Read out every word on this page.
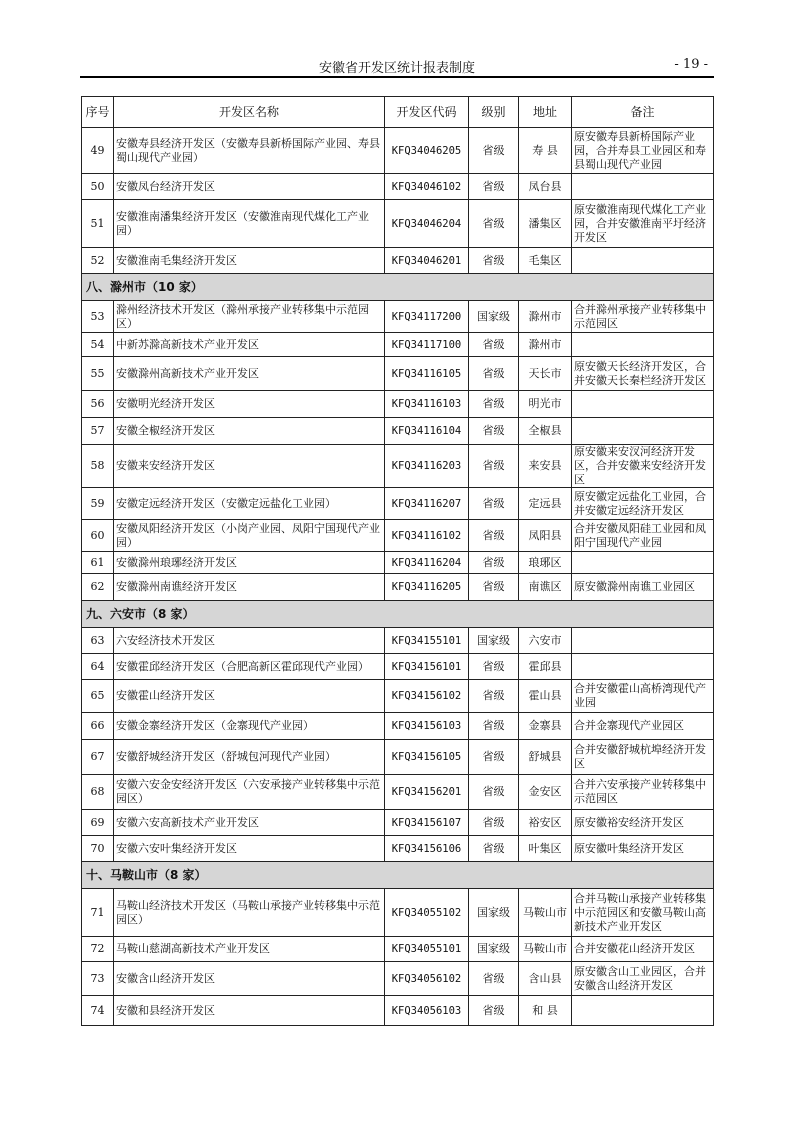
安徽省开发区统计报表制度	- 19 -
序号	开发区名称	开发区代码	级别	地址	备注
49	安徽寿县经济开发区（安徽寿县新桥国际产业园、寿县蜀山现代产业园）	KFQ34046205	省级	寿 县	原安徽寿县新桥国际产业园，合并寿县工业园区和寿县蜀山现代产业园
50	安徽凤台经济开发区	KFQ34046102	省级	凤台县	
51	安徽淮南潘集经济开发区（安徽淮南现代煤化工产业园）	KFQ34046204	省级	潘集区	原安徽淮南现代煤化工产业园，合并安徽淮南平圩经济开发区
52	安徽淮南毛集经济开发区	KFQ34046201	省级	毛集区	
八、滁州市（10 家）					
53	滁州经济技术开发区（滁州承接产业转移集中示范园区）	KFQ34117200	国家级	滁州市	合并滁州承接产业转移集中示范园区
54	中新苏滁高新技术产业开发区	KFQ34117100	省级	滁州市	
55	安徽滁州高新技术产业开发区	KFQ34116105	省级	天长市	原安徽天长经济开发区，合并安徽天长秦栏经济开发区
56	安徽明光经济开发区	KFQ34116103	省级	明光市	
57	安徽全椒经济开发区	KFQ34116104	省级	全椒县	
58	安徽来安经济开发区	KFQ34116203	省级	来安县	原安徽来安汊河经济开发区，合并安徽来安经济开发区
59	安徽定远经济开发区（安徽定远盐化工业园）	KFQ34116207	省级	定远县	原安徽定远盐化工业园，合并安徽定远经济开发区
60	安徽凤阳经济开发区（小岗产业园、凤阳宁国现代产业园）	KFQ34116102	省级	凤阳县	合并安徽凤阳硅工业园和凤阳宁国现代产业园
61	安徽滁州琅琊经济开发区	KFQ34116204	省级	琅琊区	
62	安徽滁州南谯经济开发区	KFQ34116205	省级	南谯区	原安徽滁州南谯工业园区
九、六安市（8 家）					
63	六安经济技术开发区	KFQ34155101	国家级	六安市	
64	安徽霍邱经济开发区（合肥高新区霍邱现代产业园）	KFQ34156101	省级	霍邱县	
65	安徽霍山经济开发区	KFQ34156102	省级	霍山县	合并安徽霍山高桥湾现代产业园
66	安徽金寨经济开发区（金寨现代产业园）	KFQ34156103	省级	金寨县	合并金寨现代产业园区
67	安徽舒城经济开发区（舒城包河现代产业园）	KFQ34156105	省级	舒城县	合并安徽舒城杭埠经济开发区
68	安徽六安金安经济开发区（六安承接产业转移集中示范园区）	KFQ34156201	省级	金安区	合并六安承接产业转移集中示范园区
69	安徽六安高新技术产业开发区	KFQ34156107	省级	裕安区	原安徽裕安经济开发区
70	安徽六安叶集经济开发区	KFQ34156106	省级	叶集区	原安徽叶集经济开发区
十、马鞍山市（8 家）					
71	马鞍山经济技术开发区（马鞍山承接产业转移集中示范园区）	KFQ34055102	国家级	马鞍山市	合并马鞍山承接产业转移集中示范园区和安徽马鞍山高新技术产业开发区
72	马鞍山慈湖高新技术产业开发区	KFQ34055101	国家级	马鞍山市	合并安徽花山经济开发区
73	安徽含山经济开发区	KFQ34056102	省级	含山县	原安徽含山工业园区，合并安徽含山经济开发区
74	安徽和县经济开发区	KFQ34056103	省级	和 县	
